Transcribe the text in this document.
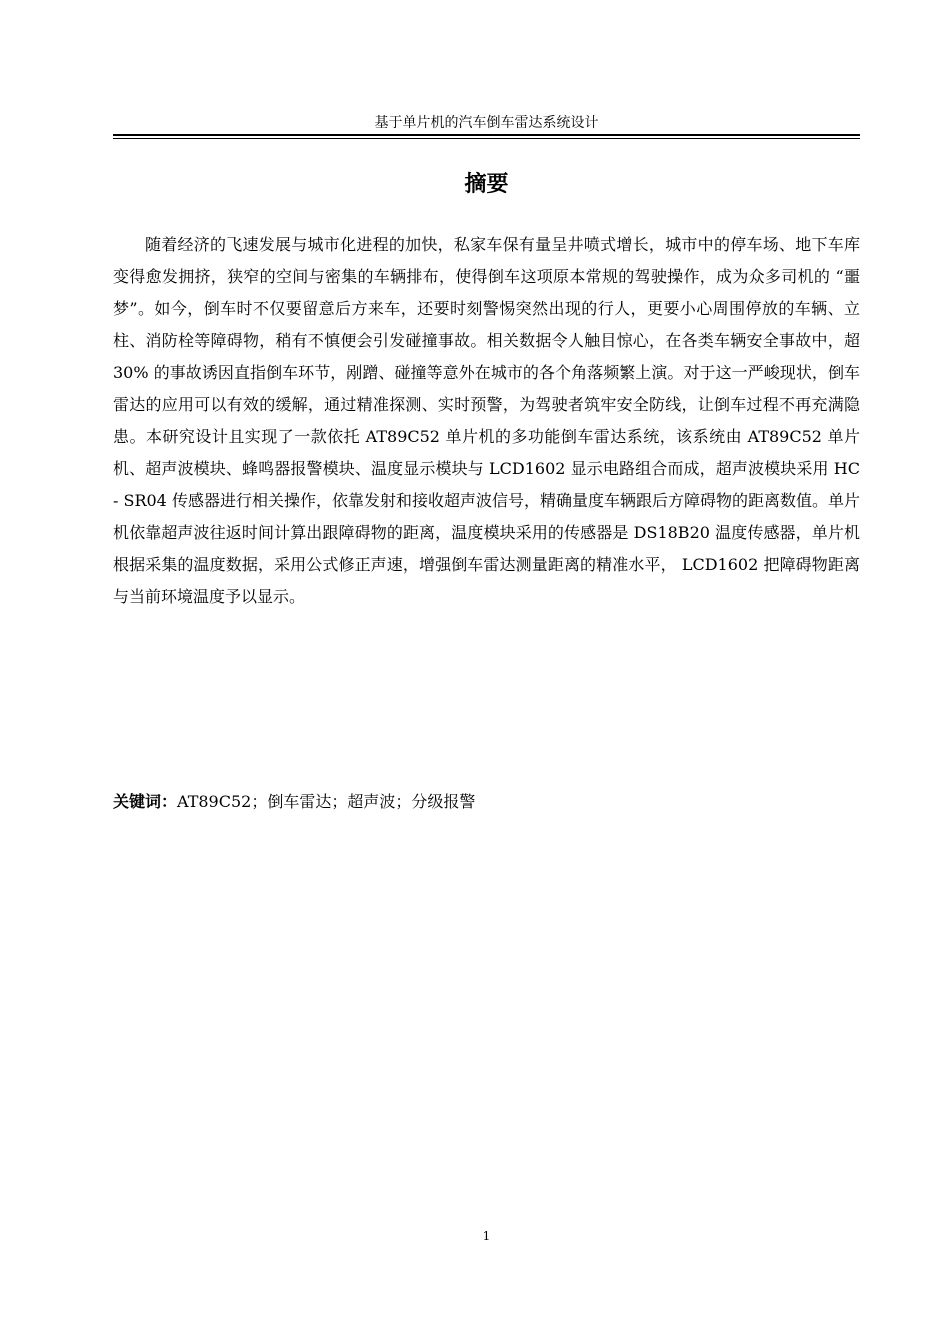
基于单片机的汽车倒车雷达系统设计
摘要

随着经济的飞速发展与城市化进程的加快，私家车保有量呈井喷式增长，城市中的停车场、地下车库变得愈发拥挤，狭窄的空间与密集的车辆排布，使得倒车这项原本常规的驾驶操作，成为众多司机的 “噩梦”。如今，倒车时不仅要留意后方来车，还要时刻警惕突然出现的行人，更要小心周围停放的车辆、立柱、消防栓等障碍物，稍有不慎便会引发碰撞事故。相关数据令人触目惊心，在各类车辆安全事故中，超 30% 的事故诱因直指倒车环节，剐蹭、碰撞等意外在城市的各个角落频繁上演。对于这一严峻现状，倒车雷达的应用可以有效的缓解，通过精准探测、实时预警，为驾驶者筑牢安全防线，让倒车过程不再充满隐患。本研究设计且实现了一款依托 AT89C52 单片机的多功能倒车雷达系统，该系统由 AT89C52 单片机、超声波模块、蜂鸣器报警模块、温度显示模块与 LCD1602 显示电路组合而成，超声波模块采用 HC - SR04 传感器进行相关操作，依靠发射和接收超声波信号，精确量度车辆跟后方障碍物的距离数值。单片机依靠超声波往返时间计算出跟障碍物的距离，温度模块采用的传感器是 DS18B20 温度传感器，单片机根据采集的温度数据，采用公式修正声速，增强倒车雷达测量距离的精准水平， LCD1602 把障碍物距离与当前环境温度予以显示。

关键词：AT89C52；倒车雷达；超声波；分级报警
1
